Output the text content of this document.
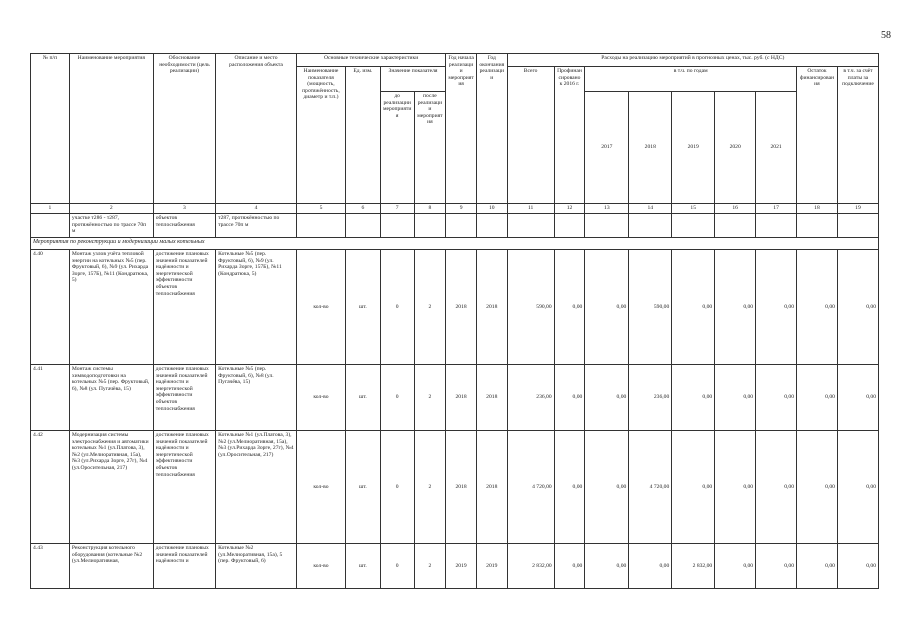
58
№ п/п	Наименование мероприятия	Обоснование необходимости (цель реализации)	Описание и место расположения объекта	Основные технические характеристики				Год начала реализации мероприятия	Год окончания реализации	Расходы на реализацию мероприятий в прогнозных ценах, тыс. руб. (с НДС)								
				Наименование показателя (мощность, протяжённость, диаметр и т.п.)	Ед. изм.	Значение показателя				Всего	Профинансировано к 2016 г.	в т.ч. по годам					Остаток финансирования	в т.ч. за счёт платы за подключение
						до реализации мероприятия	после реализации мероприятия					2017	2018	2019	2020	2021		
1	2	3	4	5	6	7	8	9	10	11	12	13	14	15	16	17	18	19
	участке т286 - т287, протяжённостью по трассе 70п м	объектов теплоснабжения	т287, протяжённостью по трассе 70п м															
Мероприятия по реконструкции и модернизации малых котельных																		
4.40	Монтаж узлов учёта тепловой энергии на котельных №5 (пер. Фруктовый, 6), №9 (ул. Рихарда Зорге, 157Б), №11 (Кондратюка, 5)	достижение плановых значений показателей надёжности и энергетической эффективности объектов теплоснабжения	Котельные №5 (пер. Фруктовый, 6), №9 (ул. Рихарда Зорге, 157Б), №11 (Кондратюка, 5)	кол-во	шт.	0	2	2018	2018	590,00	0,00	0,00	590,00	0,00	0,00	0,00	0,00	0,00
4.41	Монтаж системы химводоподготовки на котельных №5 (пер. Фруктовый, 6), №8 (ул. Пугачёва, 15)	достижение плановых значений показателей надёжности и энергетической эффективности объектов теплоснабжения	Котельные №5 (пер. Фруктовый, 6), №8 (ул. Пугачёва, 15)	кол-во	шт.	0	2	2018	2018	236,00	0,00	0,00	236,00	0,00	0,00	0,00	0,00	0,00
4.42	Модернизация системы электроснабжения и автоматики котельных №1 (ул.Платова, 3), №2 (ул.Мелиоративная, 15а), №3 (ул.Рихарда Зорге, 27г), №4 (ул.Оросительная, 217)	достижение плановых значений показателей надёжности и энергетической эффективности объектов теплоснабжения	Котельные №1 (ул.Платова, 3), №2 (ул.Мелиоративная, 15а), №3 (ул.Рихарда Зорге, 27г), №4 (ул.Оросительная, 217)	кол-во	шт.	0	2	2018	2018	4 720,00	0,00	0,00	4 720,00	0,00	0,00	0,00	0,00	0,00
4.43	Реконструкция котельного оборудования (котельные №2 (ул.Мелиоративная,	достижение плановых значений показателей надёжности и	Котельные №2 (ул.Мелиоративная, 15а), 5 (пер. Фруктовый, 6)	кол-во	шт.	0	2	2019	2019	2 832,00	0,00	0,00	0,00	2 832,00	0,00	0,00	0,00	0,00
